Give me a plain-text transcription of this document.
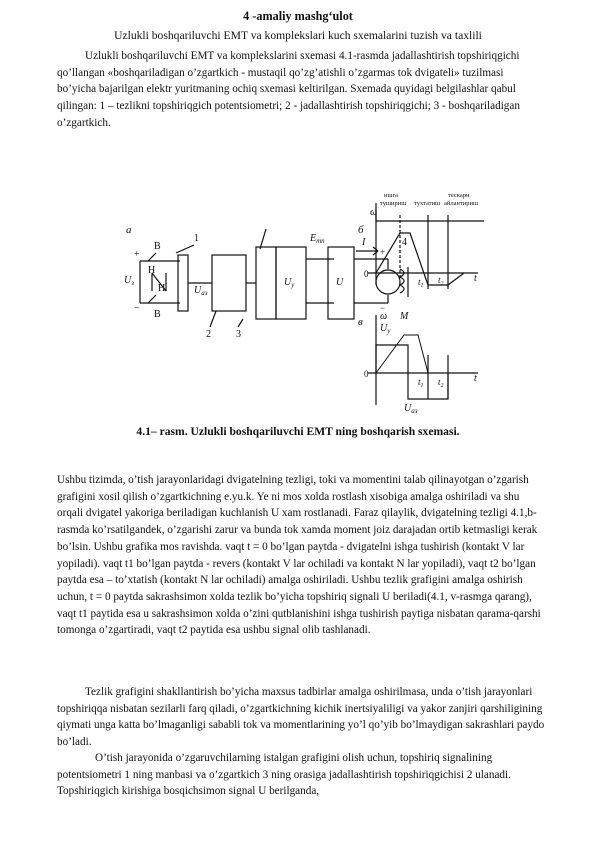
4 -amaliy mashg‘ulot
Uzlukli boshqariluvchi EMT va komplekslari kuch sxemalarini tuzish va taxlili

Uzlukli boshqariluvchi EMT va komplekslarini sxemasi 4.1-rasmda jadallashtirish topshiriqgichi qo’llangan «boshqariladigan o’zgartkich - mustaqil qo’zg’atishli o’zgarmas tok dvigateli» tuzilmasi bo’yicha bajarilgan elektr yuritmaning ochiq sxemasi keltirilgan. Sxemada quyidagi belgilashlar qabul qilingan: 1 – tezlikni topshiriqgich potentsiometri; 2 - jadallashtirish topshiriqgichi; 3 - boshqariladigan o’zgartkich.

a	б
в
B
H
H
B
+
−
$U_з$
$U_{аз}$
$U_у$	U
$E_{тп}$	I
M
ω
1
2	3
4
+
−
ω
ишга
тушириш тухтатиш
тескари
айлантириш
0	t
$t_1$
$t_2$
0	t
$t_1$ $t_2$
$U_у$
$U_{аз}$
4.1– rasm. Uzlukli boshqariluvchi EMT ning boshqarish sxemasi.

Ushbu tizimda, o’tish jarayonlaridagi dvigatelning tezligi, toki va momentini talab qilinayotgan o’zgarish grafigini xosil qilish o’zgartkichning e.yu.k. Ye ni mos xolda rostlash xisobiga amalga oshiriladi va shu orqali dvigatel yakoriga beriladigan kuchlanish U xam rostlanadi. Faraz qilaylik, dvigatelning tezligi 4.1,b-rasmda ko’rsatilgandek, o’zgarishi zarur va bunda tok xamda moment joiz darajadan ortib ketmasligi kerak bo’lsin. Ushbu grafika mos ravishda. vaqt t = 0 bo’lgan paytda - dvigatelni ishga tushirish (kontakt V lar yopiladi). vaqt t1 bo’lgan paytda - revers (kontakt V lar ochiladi va kontakt N lar yopiladi), vaqt t2 bo’lgan paytda esa – to’xtatish (kontakt N lar ochiladi) amalga oshiriladi. Ushbu tezlik grafigini amalga oshirish uchun, t = 0 paytda sakrashsimon xolda tezlik bo’yicha topshiriq signali U beriladi(4.1, v-rasmga qarang), vaqt t1 paytida esa u sakrashsimon xolda o’zini qutblanishini ishga tushirish paytiga nisbatan qarama-qarshi tomonga o’zgartiradi, vaqt t2 paytida esa ushbu signal olib tashlanadi.

Tezlik grafigini shakllantirish bo’yicha maxsus tadbirlar amalga oshirilmasa, unda o’tish jarayonlari topshiriqqa nisbatan sezilarli farq qiladi, o’zgartkichning kichik inertsiyaliligi va yakor zanjiri qarshiligining qiymati unga katta bo’lmaganligi sababli tok va momentlarining yo’l qo’yib bo’lmaydigan sakrashlari paydo bo’ladi.

O’tish jarayonida o’zgaruvchilarning istalgan grafigini olish uchun, topshiriq signalining potentsiometri 1 ning manbasi va o’zgartkich 3 ning orasiga jadallashtirish topshiriqgichisi 2 ulanadi. Topshiriqgich kirishiga bosqichsimon signal U berilganda,
